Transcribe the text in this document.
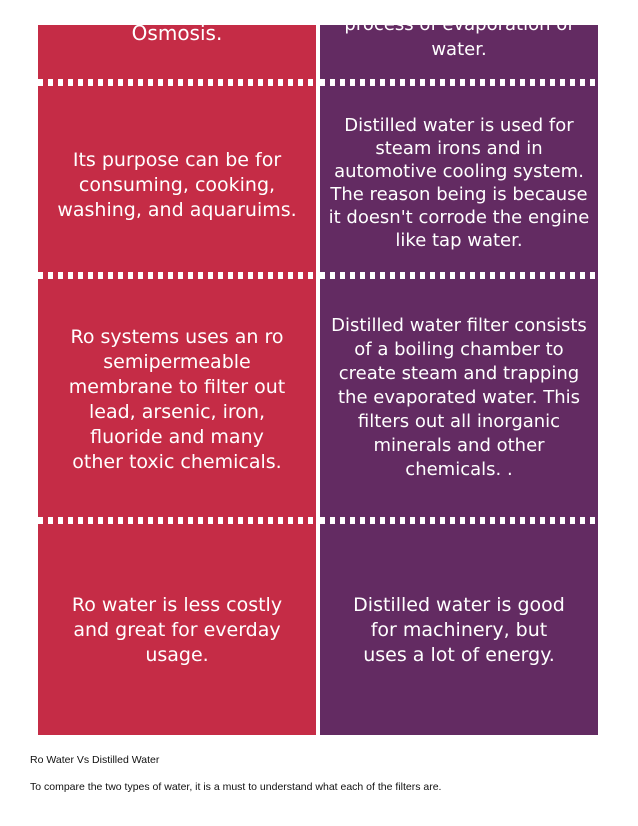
Osmosis.
Its purpose can be for consuming, cooking, washing, and aquaruims.
Ro systems uses an ro semipermeable membrane to filter out lead, arsenic, iron, fluoride and many other toxic chemicals.
Ro water is less costly and great for everday usage.
process of evaporation of water.
Distilled water is used for steam irons and in automotive cooling system. The reason being is because it doesn't corrode the engine like tap water.
Distilled water filter consists of a boiling chamber to create steam and trapping the evaporated water. This filters out all inorganic minerals and other chemicals. .
Distilled water is good for machinery, but uses a lot of energy.
Ro Water Vs Distilled Water
To compare the two types of water, it is a must to understand what each of the filters are.
